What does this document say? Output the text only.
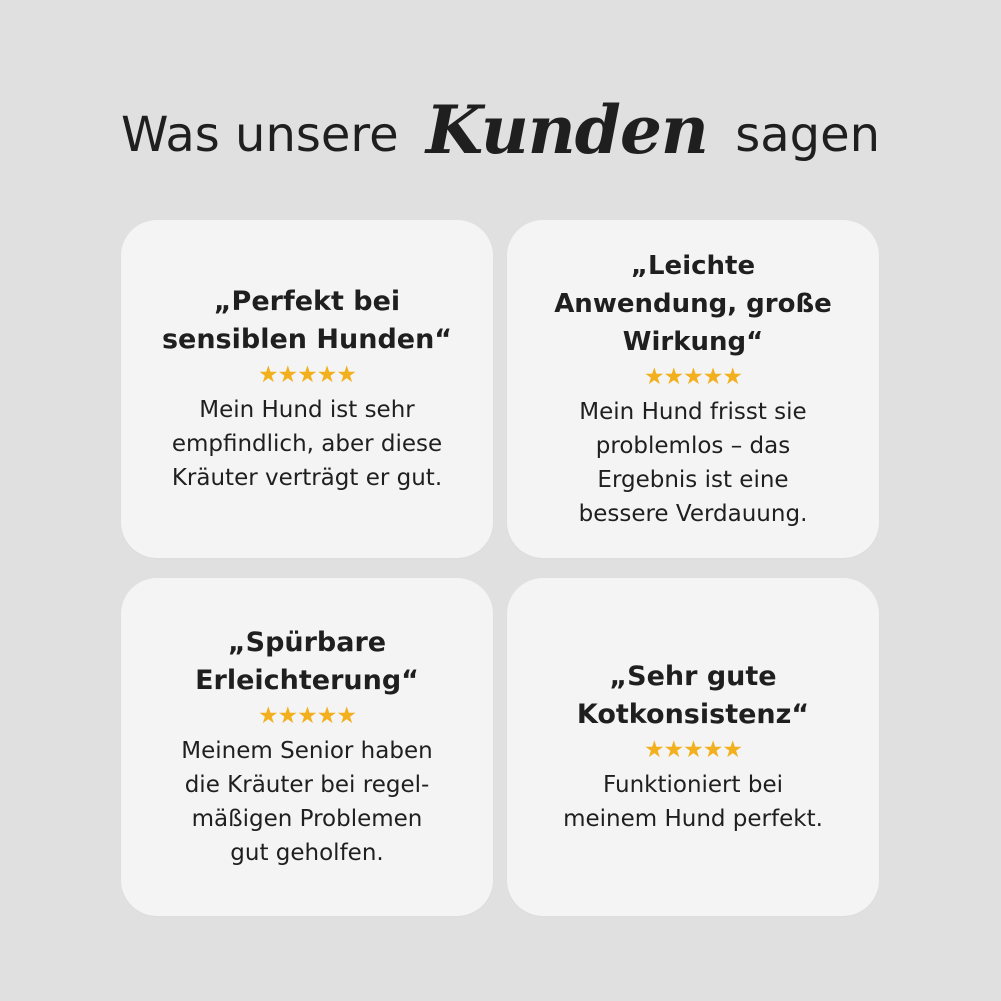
Was unsere Kunden sagen
„Perfekt bei
sensiblen Hunden“
★★★★★
Mein Hund ist sehr
empfindlich, aber diese
Kräuter verträgt er gut.
„Leichte
Anwendung, große
Wirkung“
★★★★★
Mein Hund frisst sie
problemlos – das
Ergebnis ist eine
bessere Verdauung.
„Spürbare
Erleichterung“
★★★★★
Meinem Senior haben
die Kräuter bei regel-
mäßigen Problemen
gut geholfen.
„Sehr gute
Kotkonsistenz“
★★★★★
Funktioniert bei
meinem Hund perfekt.
